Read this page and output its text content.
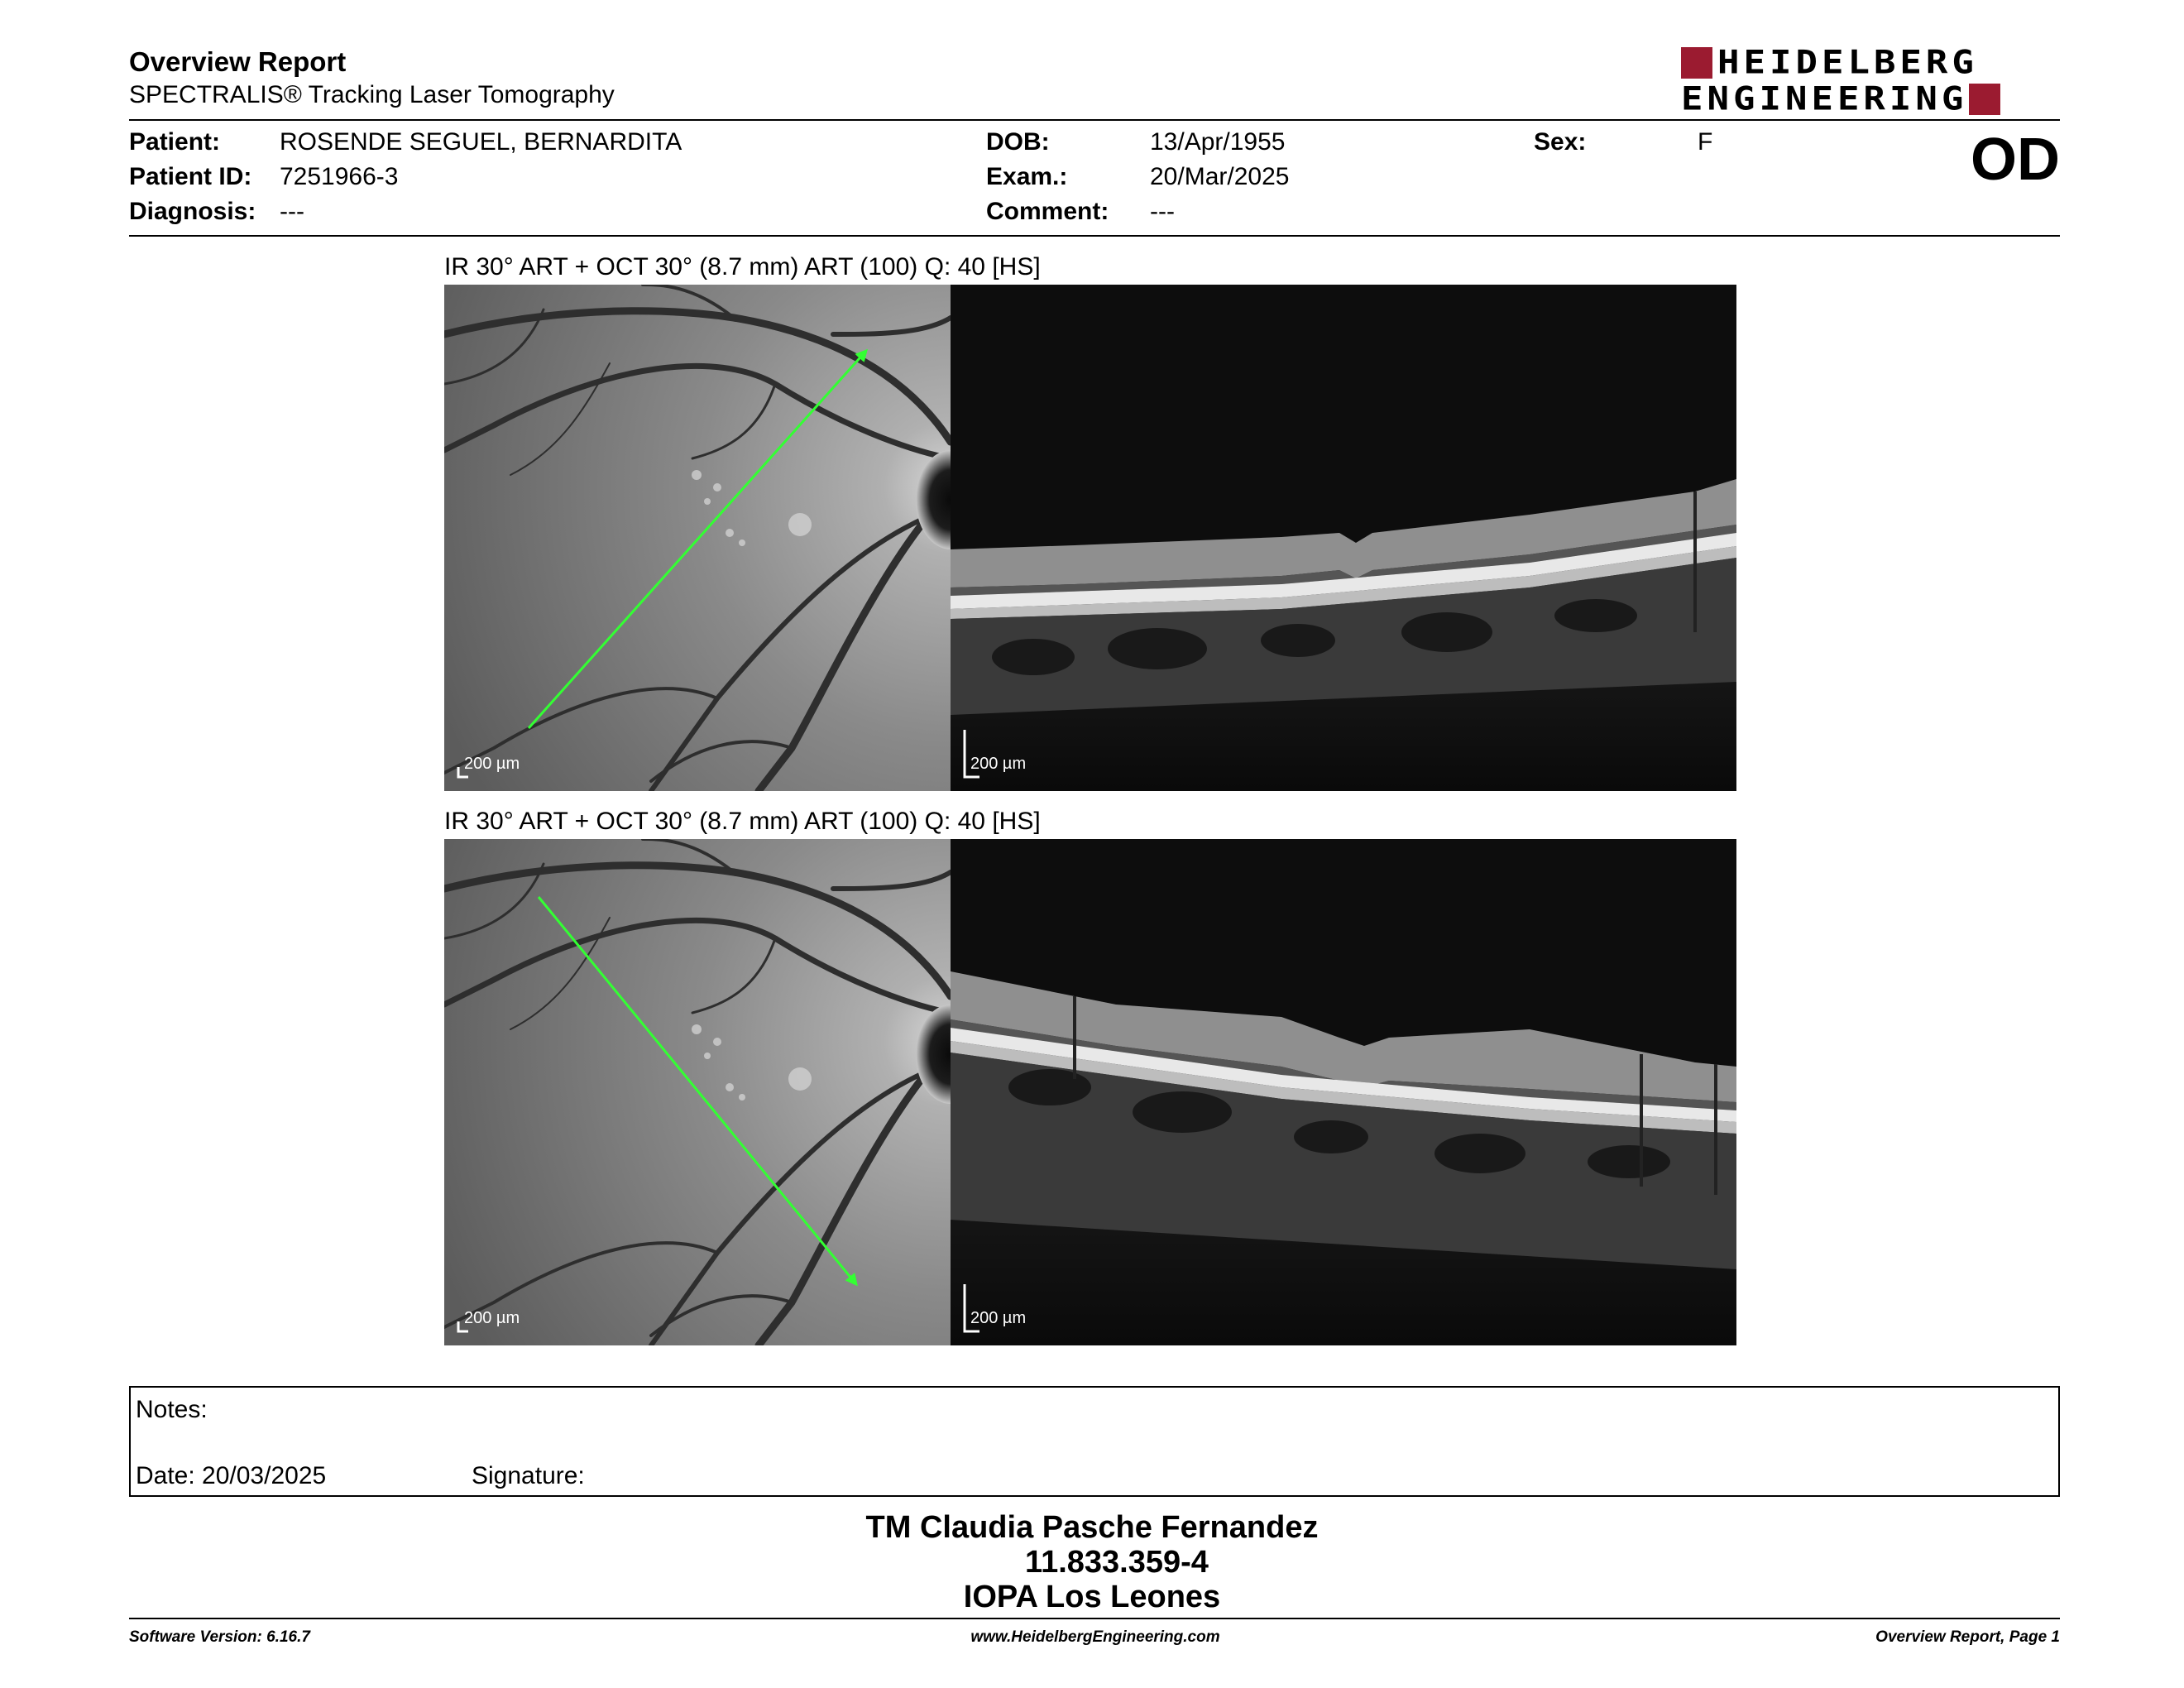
Overview Report
SPECTRALIS® Tracking Laser Tomography
HEIDELBERG
ENGINEERING
Patient: ROSENDE SEGUEL, BERNARDITA
Patient ID: 7251966-3
Diagnosis: ---
DOB:	13/Apr/1955
Exam.:	20/Mar/2025
Comment: ---
Sex:	F	OD
IR 30° ART + OCT 30° (8.7 mm) ART (100) Q: 40 [HS]
200 µm	200 µm
IR 30° ART + OCT 30° (8.7 mm) ART (100) Q: 40 [HS]
200 µm	200 µm
Notes:
Date: 20/03/2025	Signature:
TM Claudia Pasche Fernandez
11.833.359-4
IOPA Los Leones
Software Version: 6.16.7	www.HeidelbergEngineering.com	Overview Report, Page 1
